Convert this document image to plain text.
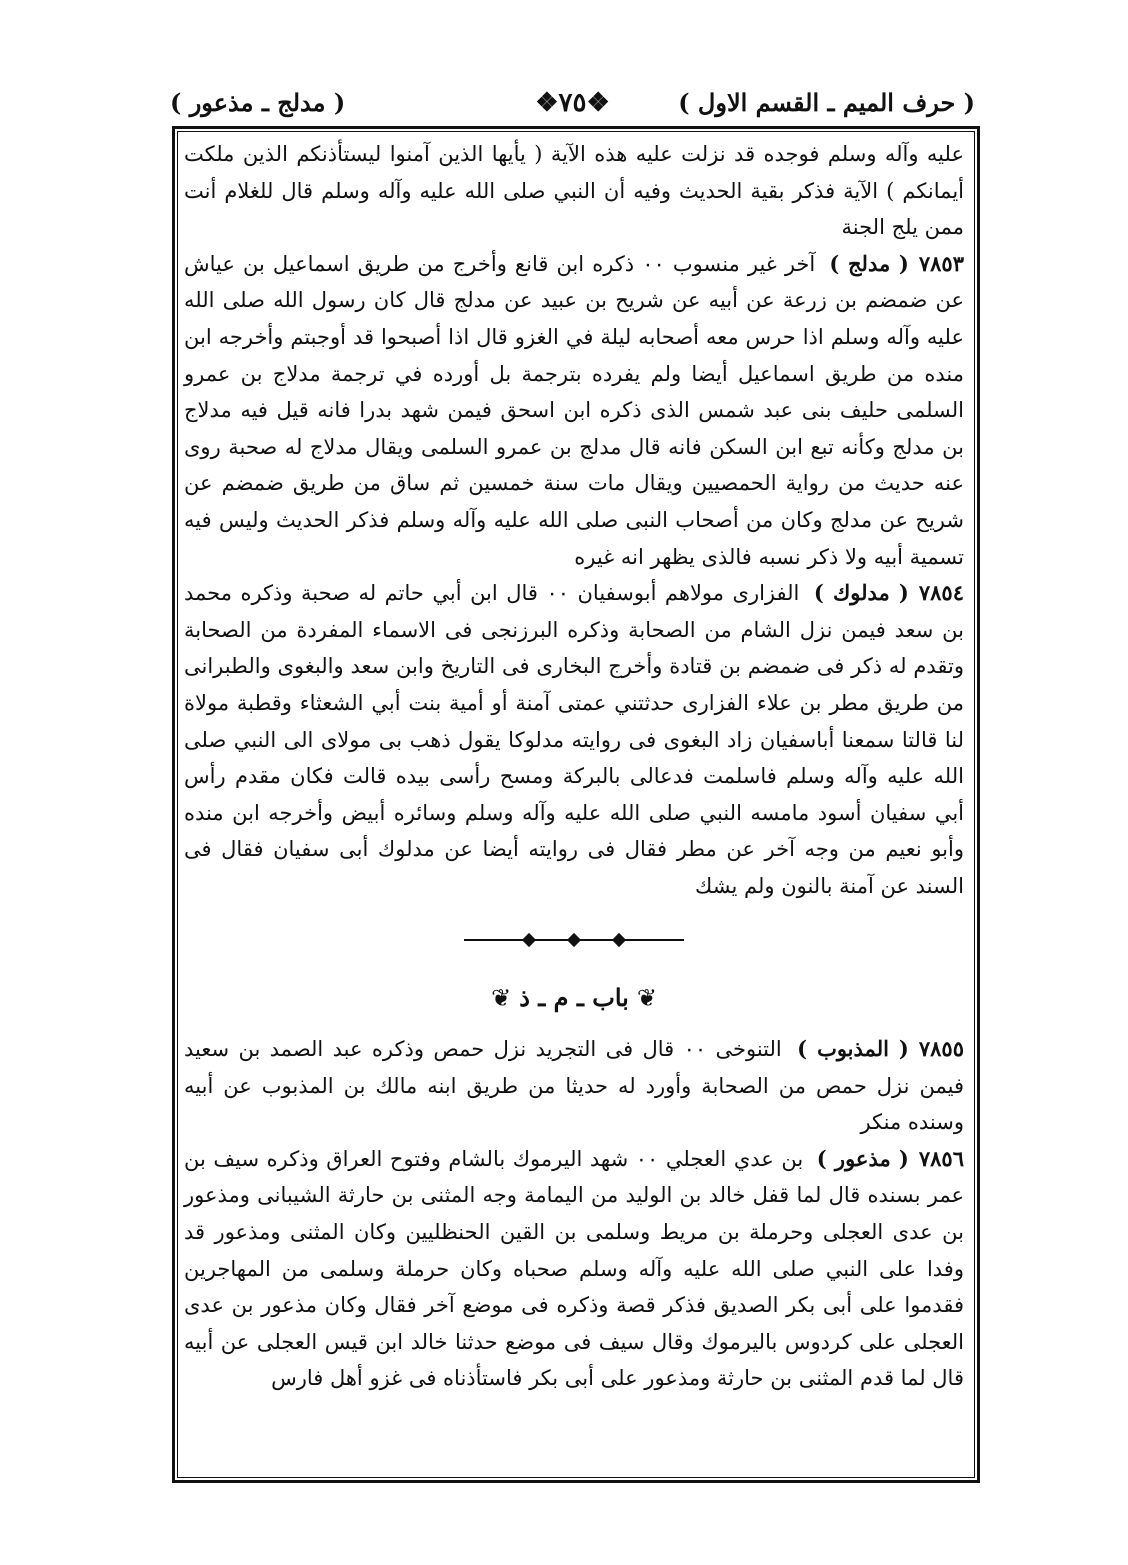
( حرف الميم ـ القسم الاول )
❖٧٥❖
( مدلج ـ مذعور )

عليه وآله وسلم فوجده قد نزلت عليه هذه الآية ( يأيها الذين آمنوا ليستأذنكم الذين ملكت أيمانكم ) الآية فذكر بقية الحديث وفيه أن النبي صلى الله عليه وآله وسلم قال للغلام أنت ممن يلج الجنة

٧٨٥٣( مدلج ) آخر غير منسوب ٠٠ ذكره ابن قانع وأخرج من طريق اسماعيل بن عياش عن ضمضم بن زرعة عن أبيه عن شريح بن عبيد عن مدلج قال كان رسول الله صلى الله عليه وآله وسلم اذا حرس معه أصحابه ليلة في الغزو قال اذا أصبحوا قد أوجبتم وأخرجه ابن منده من طريق اسماعيل أيضا ولم يفرده بترجمة بل أورده في ترجمة مدلاج بن عمرو السلمى حليف بنى عبد شمس الذى ذكره ابن اسحق فيمن شهد بدرا فانه قيل فيه مدلاج بن مدلج وكأنه تبع ابن السكن فانه قال مدلج بن عمرو السلمى ويقال مدلاج له صحبة روى عنه حديث من رواية الحمصيين ويقال مات سنة خمسين ثم ساق من طريق ضمضم عن شريح عن مدلج وكان من أصحاب النبى صلى الله عليه وآله وسلم فذكر الحديث وليس فيه تسمية أبيه ولا ذكر نسبه فالذى يظهر انه غيره

٧٨٥٤( مدلوك ) الفزارى مولاهم أبوسفيان ٠٠ قال ابن أبي حاتم له صحبة وذكره محمد بن سعد فيمن نزل الشام من الصحابة وذكره البرزنجى فى الاسماء المفردة من الصحابة وتقدم له ذكر فى ضمضم بن قتادة وأخرج البخارى فى التاريخ وابن سعد والبغوى والطبرانى من طريق مطر بن علاء الفزارى حدثتني عمتى آمنة أو أمية بنت أبي الشعثاء وقطبة مولاة لنا قالتا سمعنا أباسفيان زاد البغوى فى روايته مدلوكا يقول ذهب بى مولاى الى النبي صلى الله عليه وآله وسلم فاسلمت فدعالى بالبركة ومسح رأسى بيده قالت فكان مقدم رأس أبي سفيان أسود مامسه النبي صلى الله عليه وآله وسلم وسائره أبيض وأخرجه ابن منده وأبو نعيم من وجه آخر عن مطر فقال فى روايته أيضا عن مدلوك أبى سفيان فقال فى السند عن آمنة بالنون ولم يشك

❦باب ـ م ـ ذ❦

٧٨٥٥( المذبوب ) التنوخى ٠٠ قال فى التجريد نزل حمص وذكره عبد الصمد بن سعيد فيمن نزل حمص من الصحابة وأورد له حديثا من طريق ابنه مالك بن المذبوب عن أبيه وسنده منكر

٧٨٥٦( مذعور ) بن عدي العجلي ٠٠ شهد اليرموك بالشام وفتوح العراق وذكره سيف بن عمر بسنده قال لما قفل خالد بن الوليد من اليمامة وجه المثنى بن حارثة الشيبانى ومذعور بن عدى العجلى وحرملة بن مريط وسلمى بن القين الحنظليين وكان المثنى ومذعور قد وفدا على النبي صلى الله عليه وآله وسلم صحباه وكان حرملة وسلمى من المهاجرين فقدموا على أبى بكر الصديق فذكر قصة وذكره فى موضع آخر فقال وكان مذعور بن عدى العجلى على كردوس باليرموك وقال سيف فى موضع حدثنا خالد ابن قيس العجلى عن أبيه قال لما قدم المثنى بن حارثة ومذعور على أبى بكر فاستأذناه فى غزو أهل فارس
